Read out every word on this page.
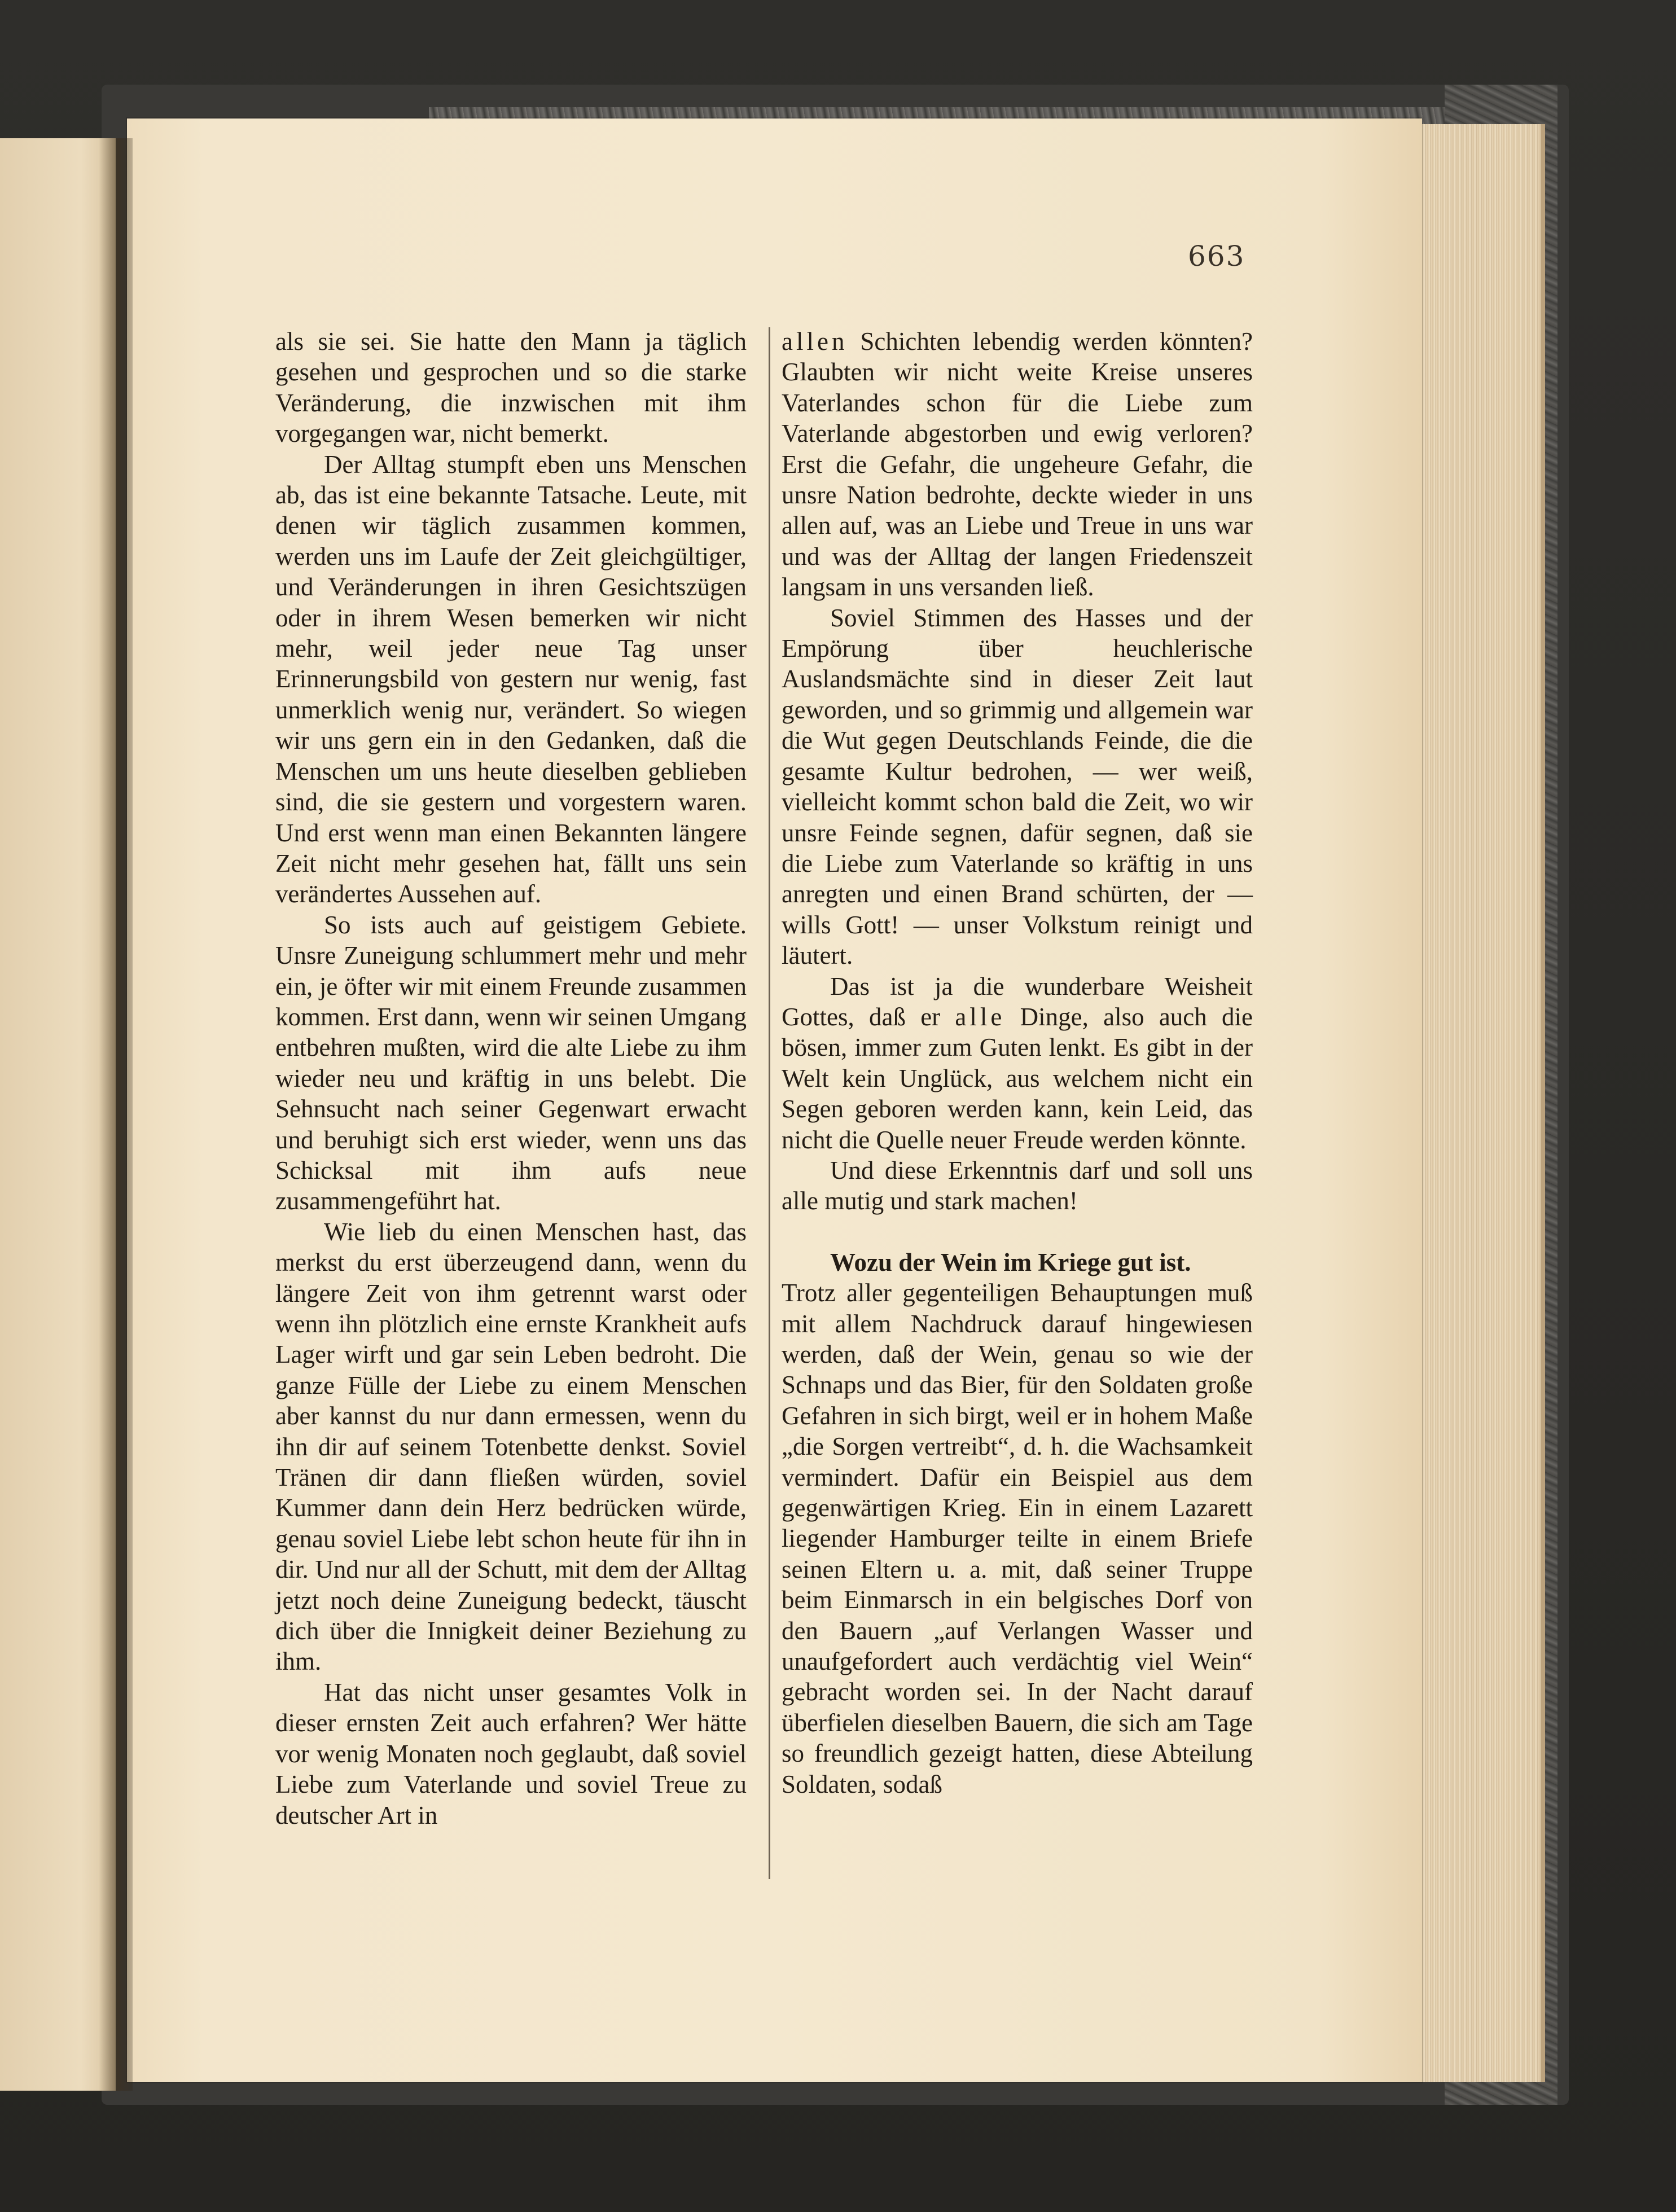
663

als sie sei. Sie hatte den Mann ja täglich gesehen und gesprochen und so die starke Veränderung, die inzwischen mit ihm vorgegangen war, nicht bemerkt.

Der Alltag stumpft eben uns Menschen ab, das ist eine bekannte Tatsache. Leute, mit denen wir täglich zusammen kommen, werden uns im Laufe der Zeit gleichgültiger, und Veränderungen in ihren Gesichtszügen oder in ihrem Wesen bemerken wir nicht mehr, weil jeder neue Tag unser Erinnerungsbild von gestern nur wenig, fast unmerklich wenig nur, verändert. So wiegen wir uns gern ein in den Gedanken, daß die Menschen um uns heute dieselben geblieben sind, die sie gestern und vorgestern waren. Und erst wenn man einen Bekannten längere Zeit nicht mehr gesehen hat, fällt uns sein verändertes Aussehen auf.

So ists auch auf geistigem Gebiete. Unsre Zuneigung schlummert mehr und mehr ein, je öfter wir mit einem Freunde zusammen kommen. Erst dann, wenn wir seinen Umgang entbehren mußten, wird die alte Liebe zu ihm wieder neu und kräftig in uns belebt. Die Sehnsucht nach seiner Gegenwart erwacht und beruhigt sich erst wieder, wenn uns das Schicksal mit ihm aufs neue zusammengeführt hat.

Wie lieb du einen Menschen hast, das merkst du erst überzeugend dann, wenn du längere Zeit von ihm getrennt warst oder wenn ihn plötzlich eine ernste Krankheit aufs Lager wirft und gar sein Leben bedroht. Die ganze Fülle der Liebe zu einem Menschen aber kannst du nur dann ermessen, wenn du ihn dir auf seinem Totenbette denkst. Soviel Tränen dir dann fließen würden, soviel Kummer dann dein Herz bedrücken würde, genau soviel Liebe lebt schon heute für ihn in dir. Und nur all der Schutt, mit dem der Alltag jetzt noch deine Zuneigung bedeckt, täuscht dich über die Innigkeit deiner Beziehung zu ihm.

Hat das nicht unser gesamtes Volk in dieser ernsten Zeit auch erfahren? Wer hätte vor wenig Monaten noch geglaubt, daß soviel Liebe zum Vaterlande und soviel Treue zu deutscher Art in

allen Schichten lebendig werden könnten? Glaubten wir nicht weite Kreise unseres Vaterlandes schon für die Liebe zum Vaterlande abgestorben und ewig verloren? Erst die Gefahr, die ungeheure Gefahr, die unsre Nation bedrohte, deckte wieder in uns allen auf, was an Liebe und Treue in uns war und was der Alltag der langen Friedenszeit langsam in uns versanden ließ.

Soviel Stimmen des Hasses und der Empörung über heuchlerische Auslandsmächte sind in dieser Zeit laut geworden, und so grimmig und allgemein war die Wut gegen Deutschlands Feinde, die die gesamte Kultur bedrohen, — wer weiß, vielleicht kommt schon bald die Zeit, wo wir unsre Feinde segnen, dafür segnen, daß sie die Liebe zum Vaterlande so kräftig in uns anregten und einen Brand schürten, der — wills Gott! — unser Volkstum reinigt und läutert.

Das ist ja die wunderbare Weisheit Gottes, daß er alle Dinge, also auch die bösen, immer zum Guten lenkt. Es gibt in der Welt kein Unglück, aus welchem nicht ein Segen geboren werden kann, kein Leid, das nicht die Quelle neuer Freude werden könnte.

Und diese Erkenntnis darf und soll uns alle mutig und stark machen!

Wozu der Wein im Kriege gut ist.

Trotz aller gegenteiligen Behauptungen muß mit allem Nachdruck darauf hingewiesen werden, daß der Wein, genau so wie der Schnaps und das Bier, für den Soldaten große Gefahren in sich birgt, weil er in hohem Maße „die Sorgen vertreibt“, d. h. die Wachsamkeit vermindert. Dafür ein Beispiel aus dem gegenwärtigen Krieg. Ein in einem Lazarett liegender Hamburger teilte in einem Briefe seinen Eltern u. a. mit, daß seiner Truppe beim Einmarsch in ein belgisches Dorf von den Bauern „auf Verlangen Wasser und unaufgefordert auch verdächtig viel Wein“ gebracht worden sei. In der Nacht darauf überfielen dieselben Bauern, die sich am Tage so freundlich gezeigt hatten, diese Abteilung Soldaten, sodaß
